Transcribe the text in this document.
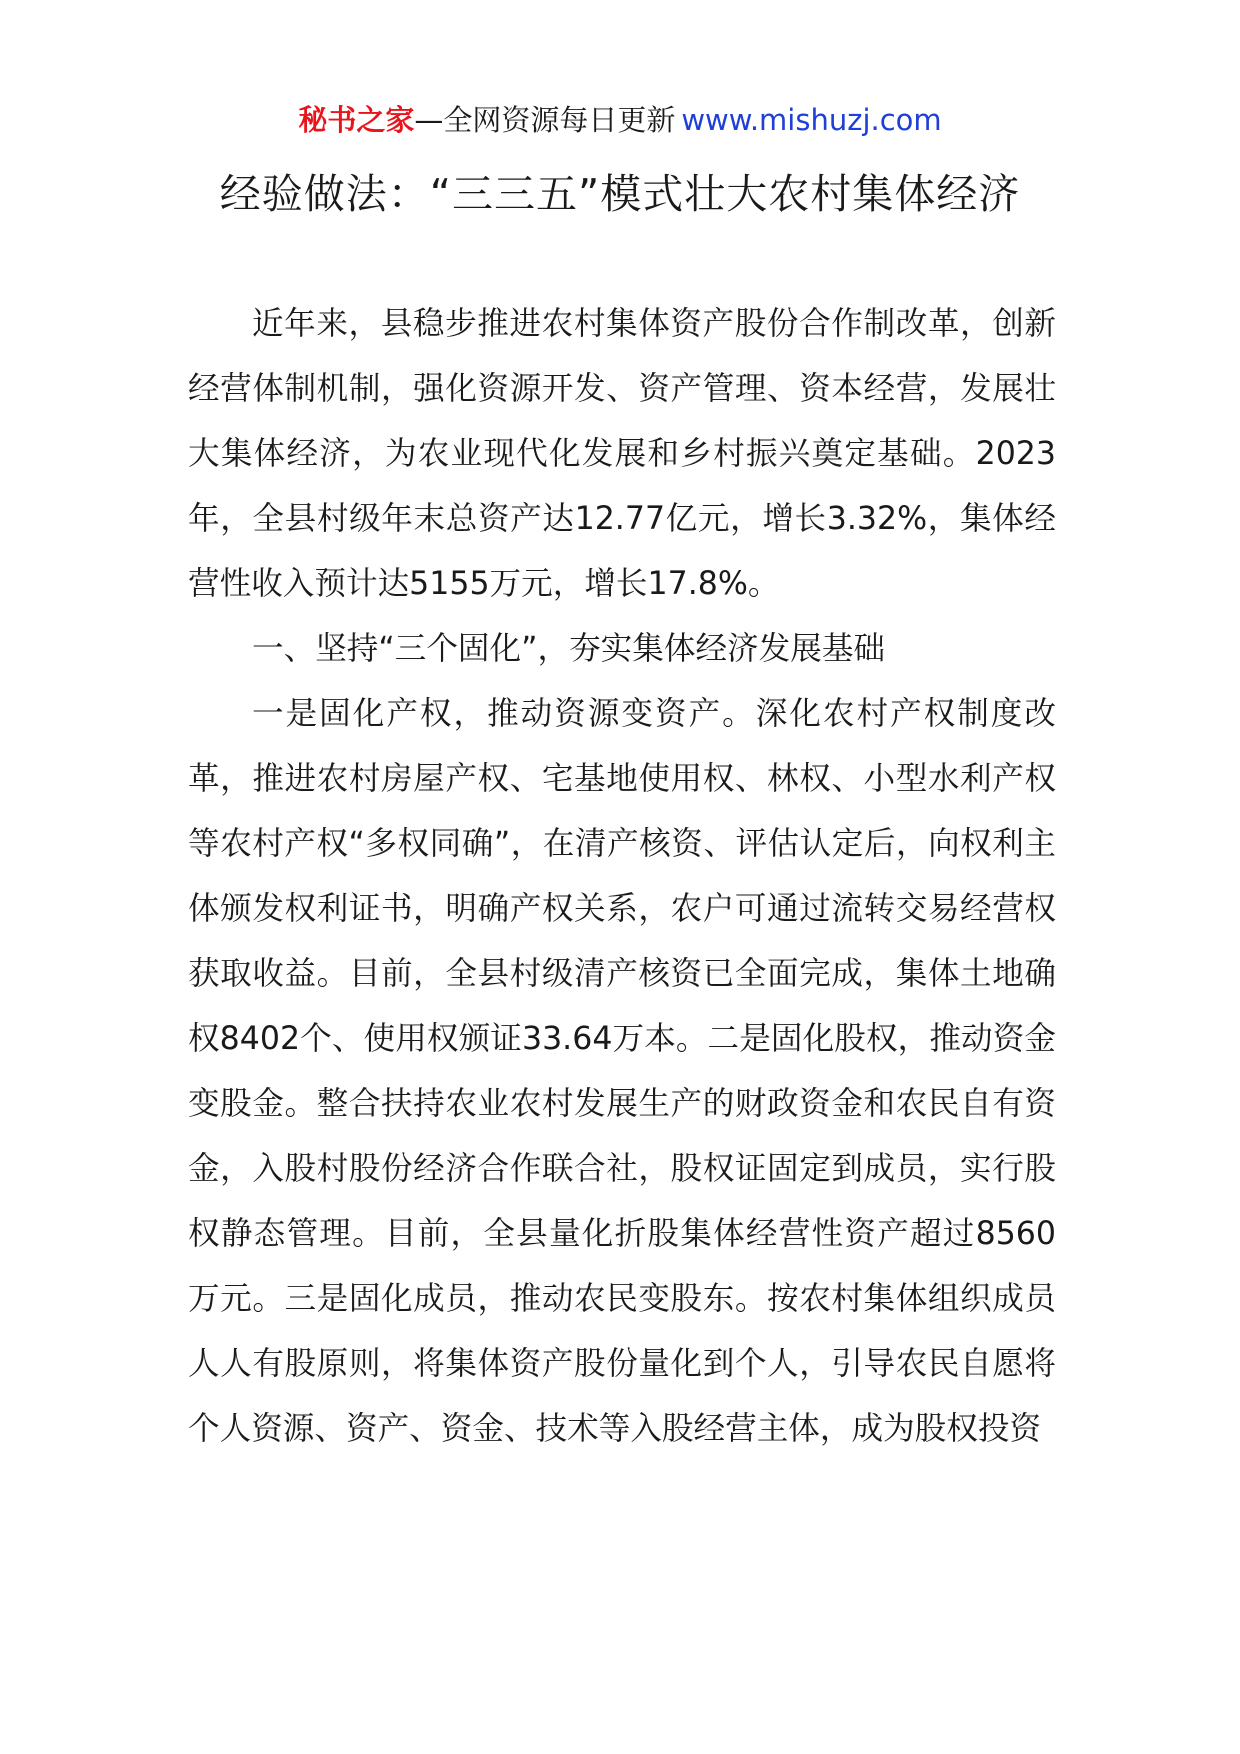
秘书之家—全网资源每日更新 www.mishuzj.com
经验做法：“三三五”模式壮大农村集体经济

近年来，县稳步推进农村集体资产股份合作制改革，创新经营体制机制，强化资源开发、资产管理、资本经营，发展壮大集体经济，为农业现代化发展和乡村振兴奠定基础。2023年，全县村级年末总资产达12.77亿元，增长3.32%，集体经营性收入预计达5155万元，增长17.8%。

一、坚持“三个固化”，夯实集体经济发展基础

一是固化产权，推动资源变资产。深化农村产权制度改革，推进农村房屋产权、宅基地使用权、林权、小型水利产权等农村产权“多权同确”，在清产核资、评估认定后，向权利主体颁发权利证书，明确产权关系，农户可通过流转交易经营权获取收益。目前，全县村级清产核资已全面完成，集体土地确权8402个、使用权颁证33.64万本。二是固化股权，推动资金变股金。整合扶持农业农村发展生产的财政资金和农民自有资金，入股村股份经济合作联合社，股权证固定到成员，实行股权静态管理。目前，全县量化折股集体经营性资产超过8560万元。三是固化成员，推动农民变股东。按农村集体组织成员人人有股原则，将集体资产股份量化到个人，引导农民自愿将个人资源、资产、资金、技术等入股经营主体，成为股权投资
